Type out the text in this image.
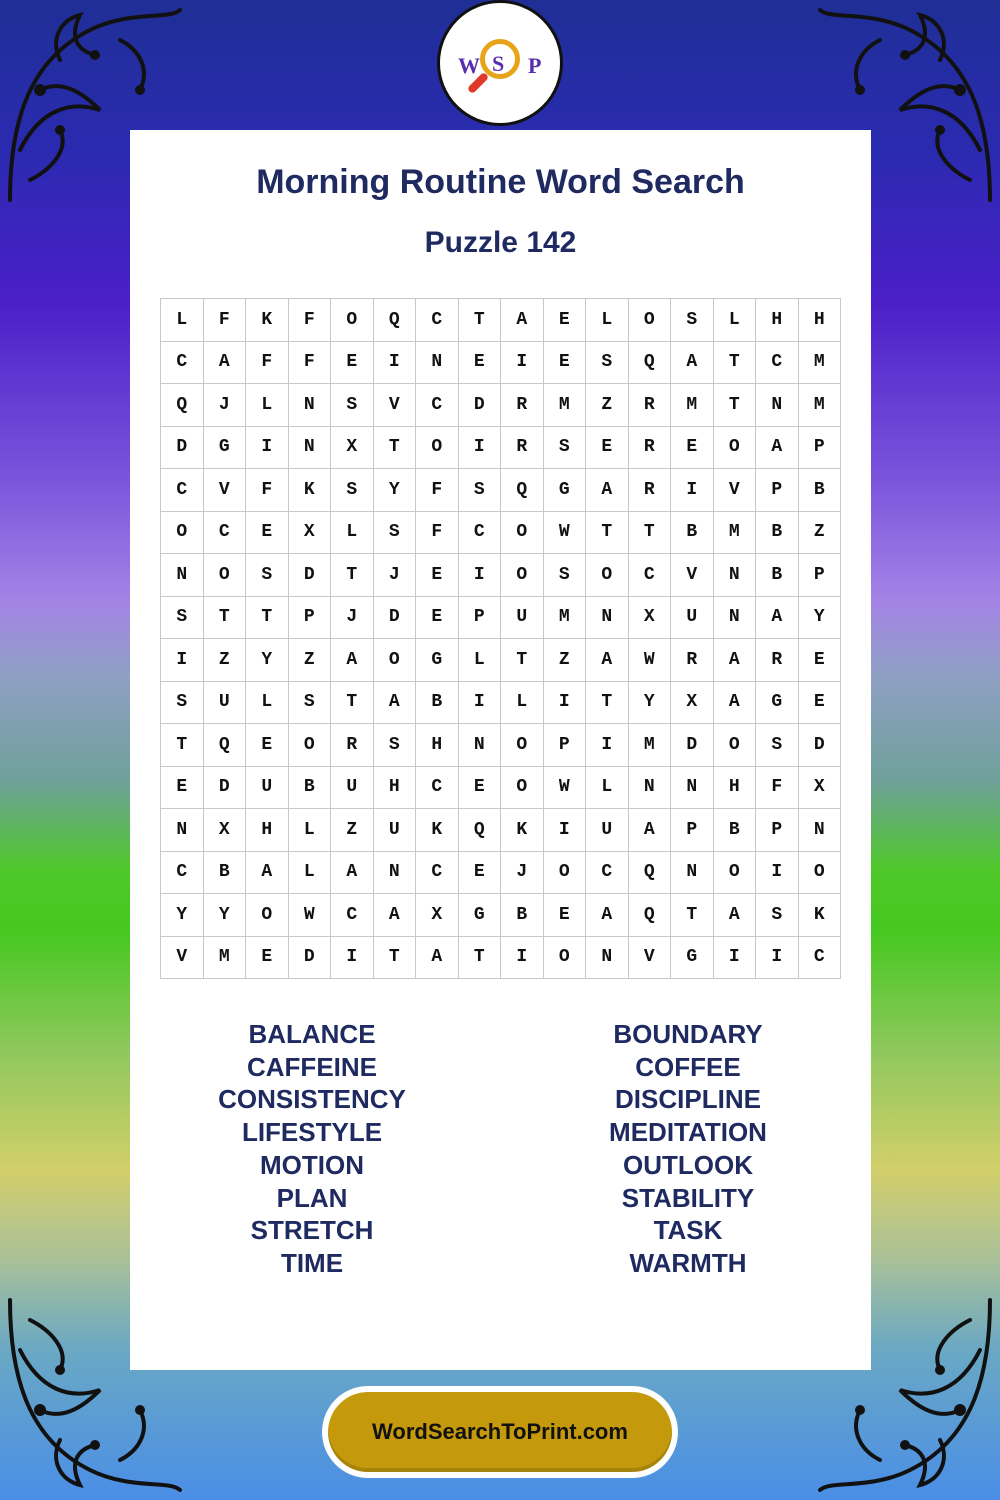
W S P
Morning Routine Word Search
Puzzle 142
L	F	K	F	O	Q	C	T	A	E	L	O	S	L	H	H
C	A	F	F	E	I	N	E	I	E	S	Q	A	T	C	M
Q	J	L	N	S	V	C	D	R	M	Z	R	M	T	N	M
D	G	I	N	X	T	O	I	R	S	E	R	E	O	A	P
C	V	F	K	S	Y	F	S	Q	G	A	R	I	V	P	B
O	C	E	X	L	S	F	C	O	W	T	T	B	M	B	Z
N	O	S	D	T	J	E	I	O	S	O	C	V	N	B	P
S	T	T	P	J	D	E	P	U	M	N	X	U	N	A	Y
I	Z	Y	Z	A	O	G	L	T	Z	A	W	R	A	R	E
S	U	L	S	T	A	B	I	L	I	T	Y	X	A	G	E
T	Q	E	O	R	S	H	N	O	P	I	M	D	O	S	D
E	D	U	B	U	H	C	E	O	W	L	N	N	H	F	X
N	X	H	L	Z	U	K	Q	K	I	U	A	P	B	P	N
C	B	A	L	A	N	C	E	J	O	C	Q	N	O	I	O
Y	Y	O	W	C	A	X	G	B	E	A	Q	T	A	S	K
V	M	E	D	I	T	A	T	I	O	N	V	G	I	I	C
BALANCE
CAFFEINE
CONSISTENCY
LIFESTYLE
MOTION
PLAN
STRETCH
TIME
BOUNDARY
COFFEE
DISCIPLINE
MEDITATION
OUTLOOK
STABILITY
TASK
WARMTH
WordSearchToPrint.com
